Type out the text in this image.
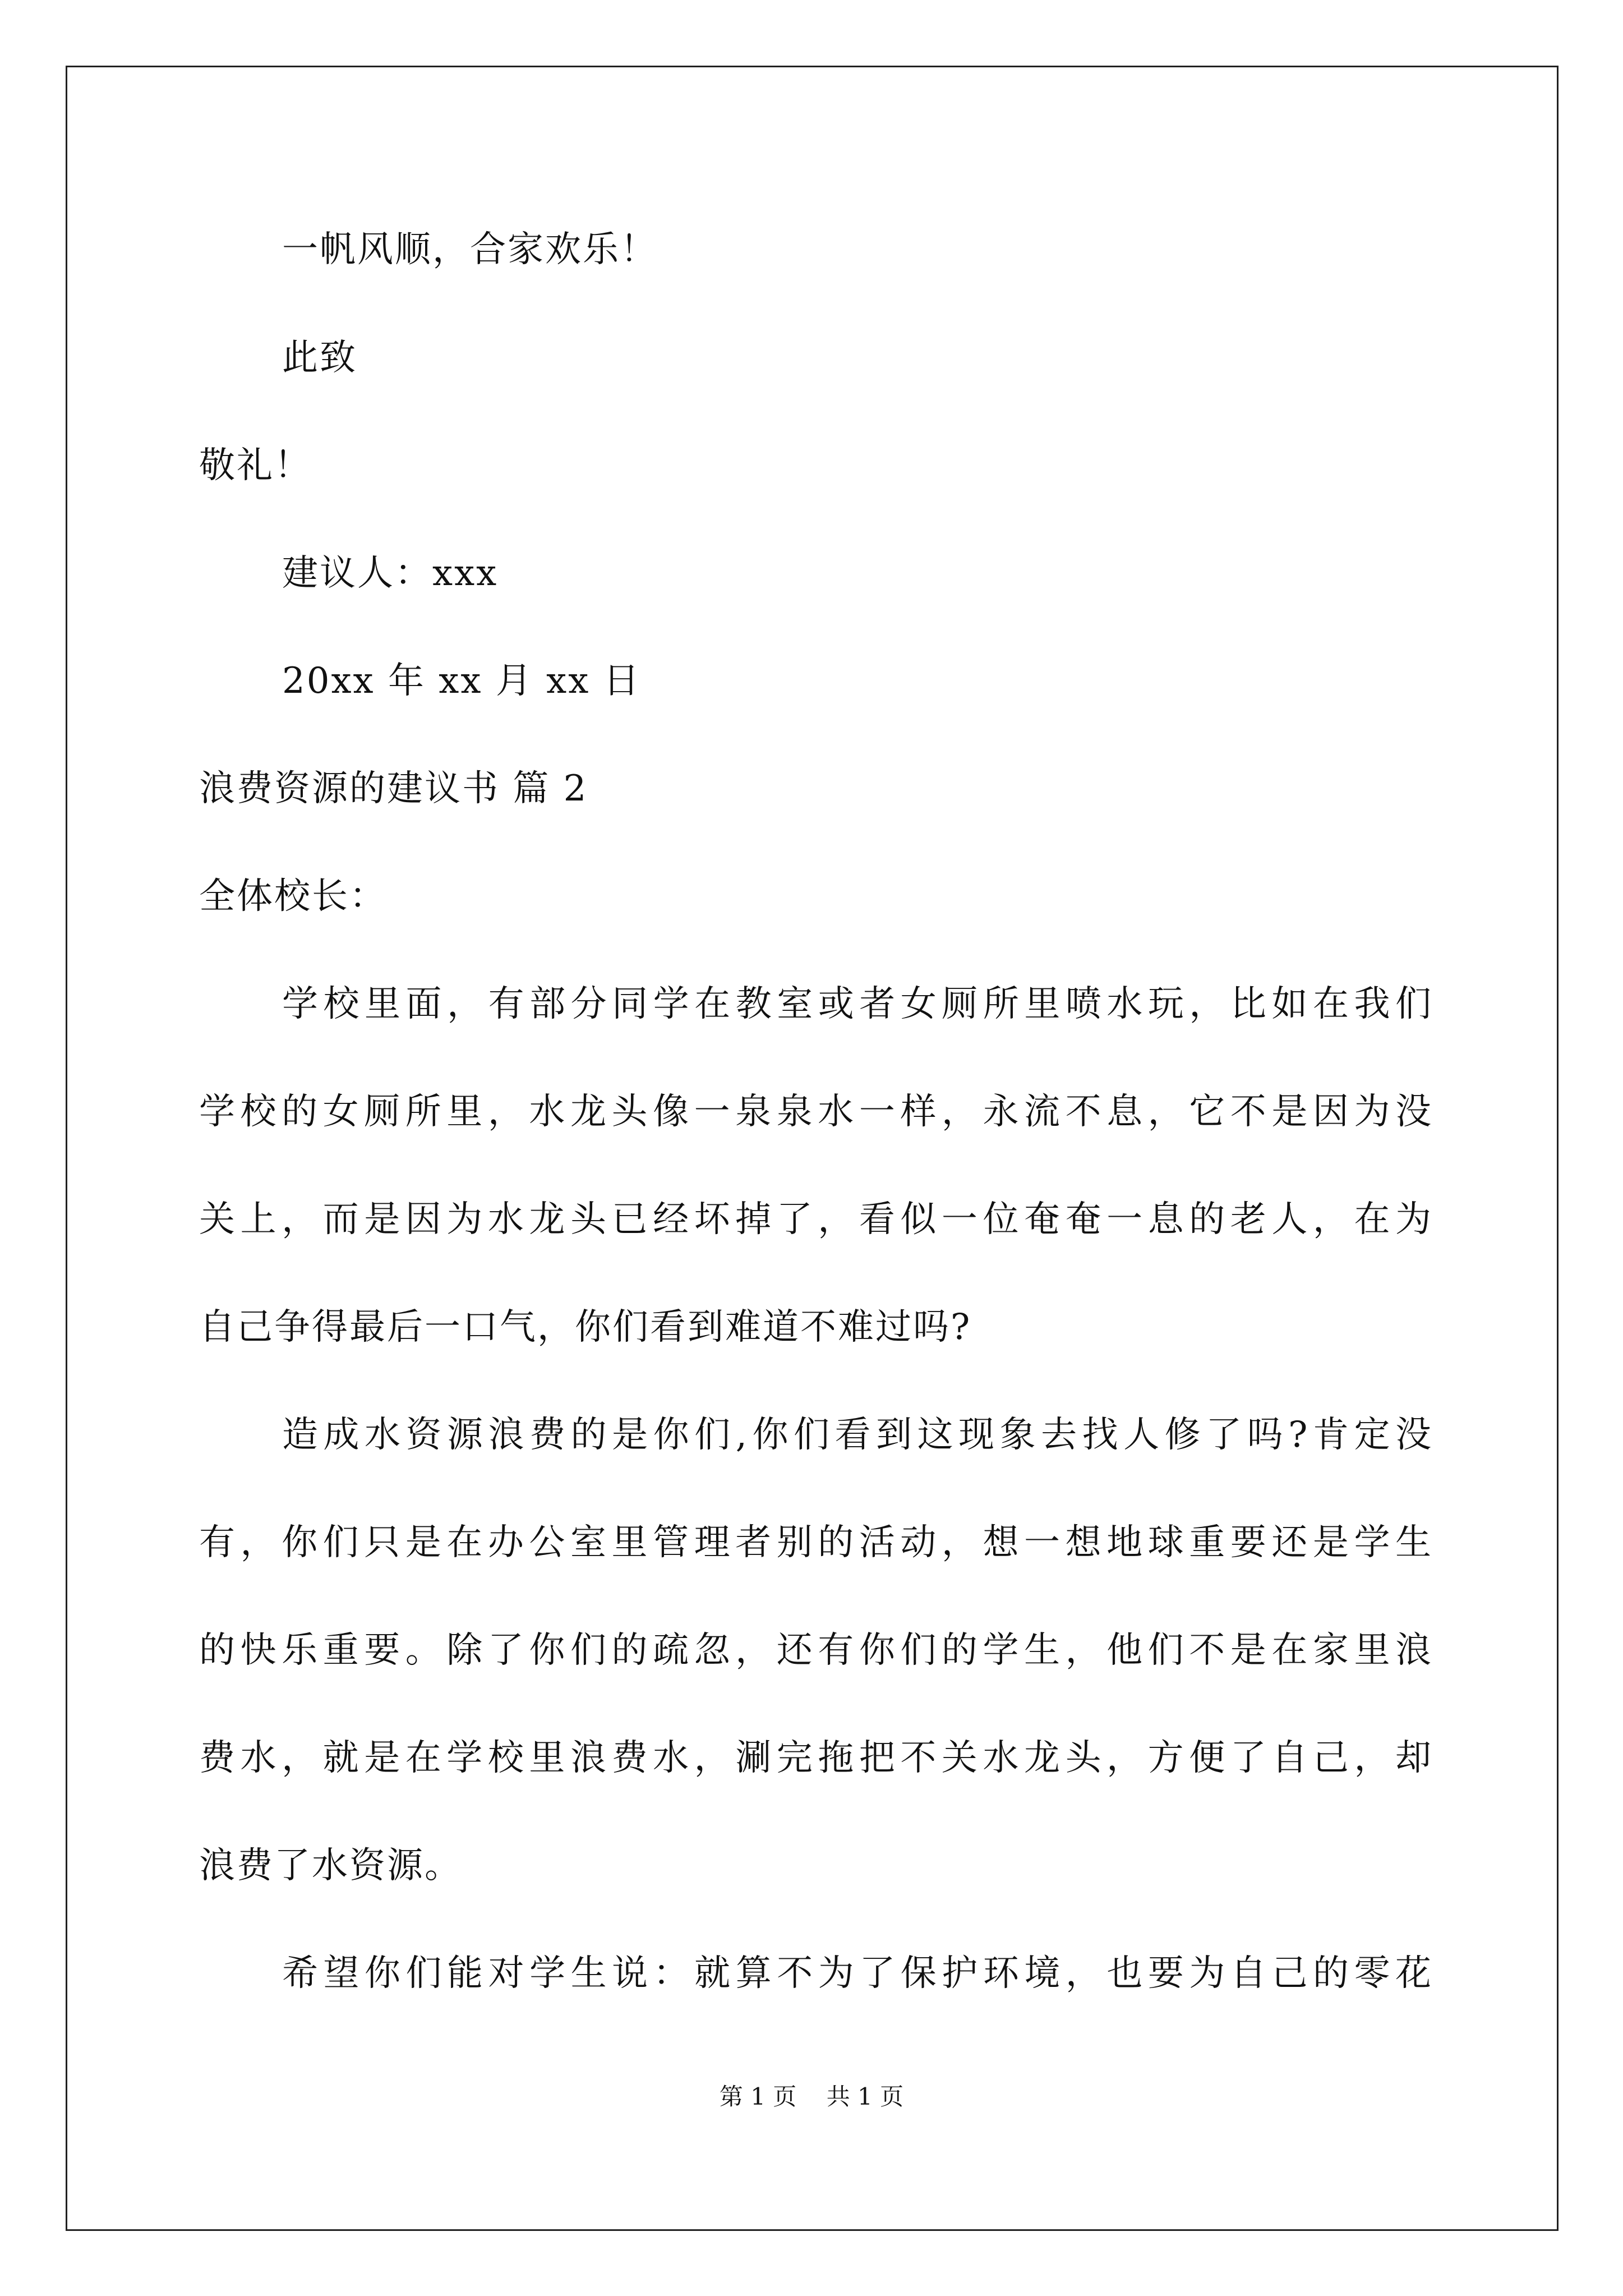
一帆风顺，合家欢乐！
此致
敬礼！
建议人：xxx
20xx 年 xx 月 xx 日
浪费资源的建议书 篇 2
全体校长：
学校里面，有部分同学在教室或者女厕所里喷水玩，比如在我们
学校的女厕所里，水龙头像一泉泉水一样，永流不息，它不是因为没
关上，而是因为水龙头已经坏掉了，看似一位奄奄一息的老人，在为
自己争得最后一口气，你们看到难道不难过吗?
造成水资源浪费的是你们,你们看到这现象去找人修了吗?肯定没
有，你们只是在办公室里管理者别的活动，想一想地球重要还是学生
的快乐重要。除了你们的疏忽，还有你们的学生，他们不是在家里浪
费水，就是在学校里浪费水，涮完拖把不关水龙头，方便了自己，却
浪费了水资源。
希望你们能对学生说：就算不为了保护环境，也要为自己的零花
第 1 页    共 1 页
